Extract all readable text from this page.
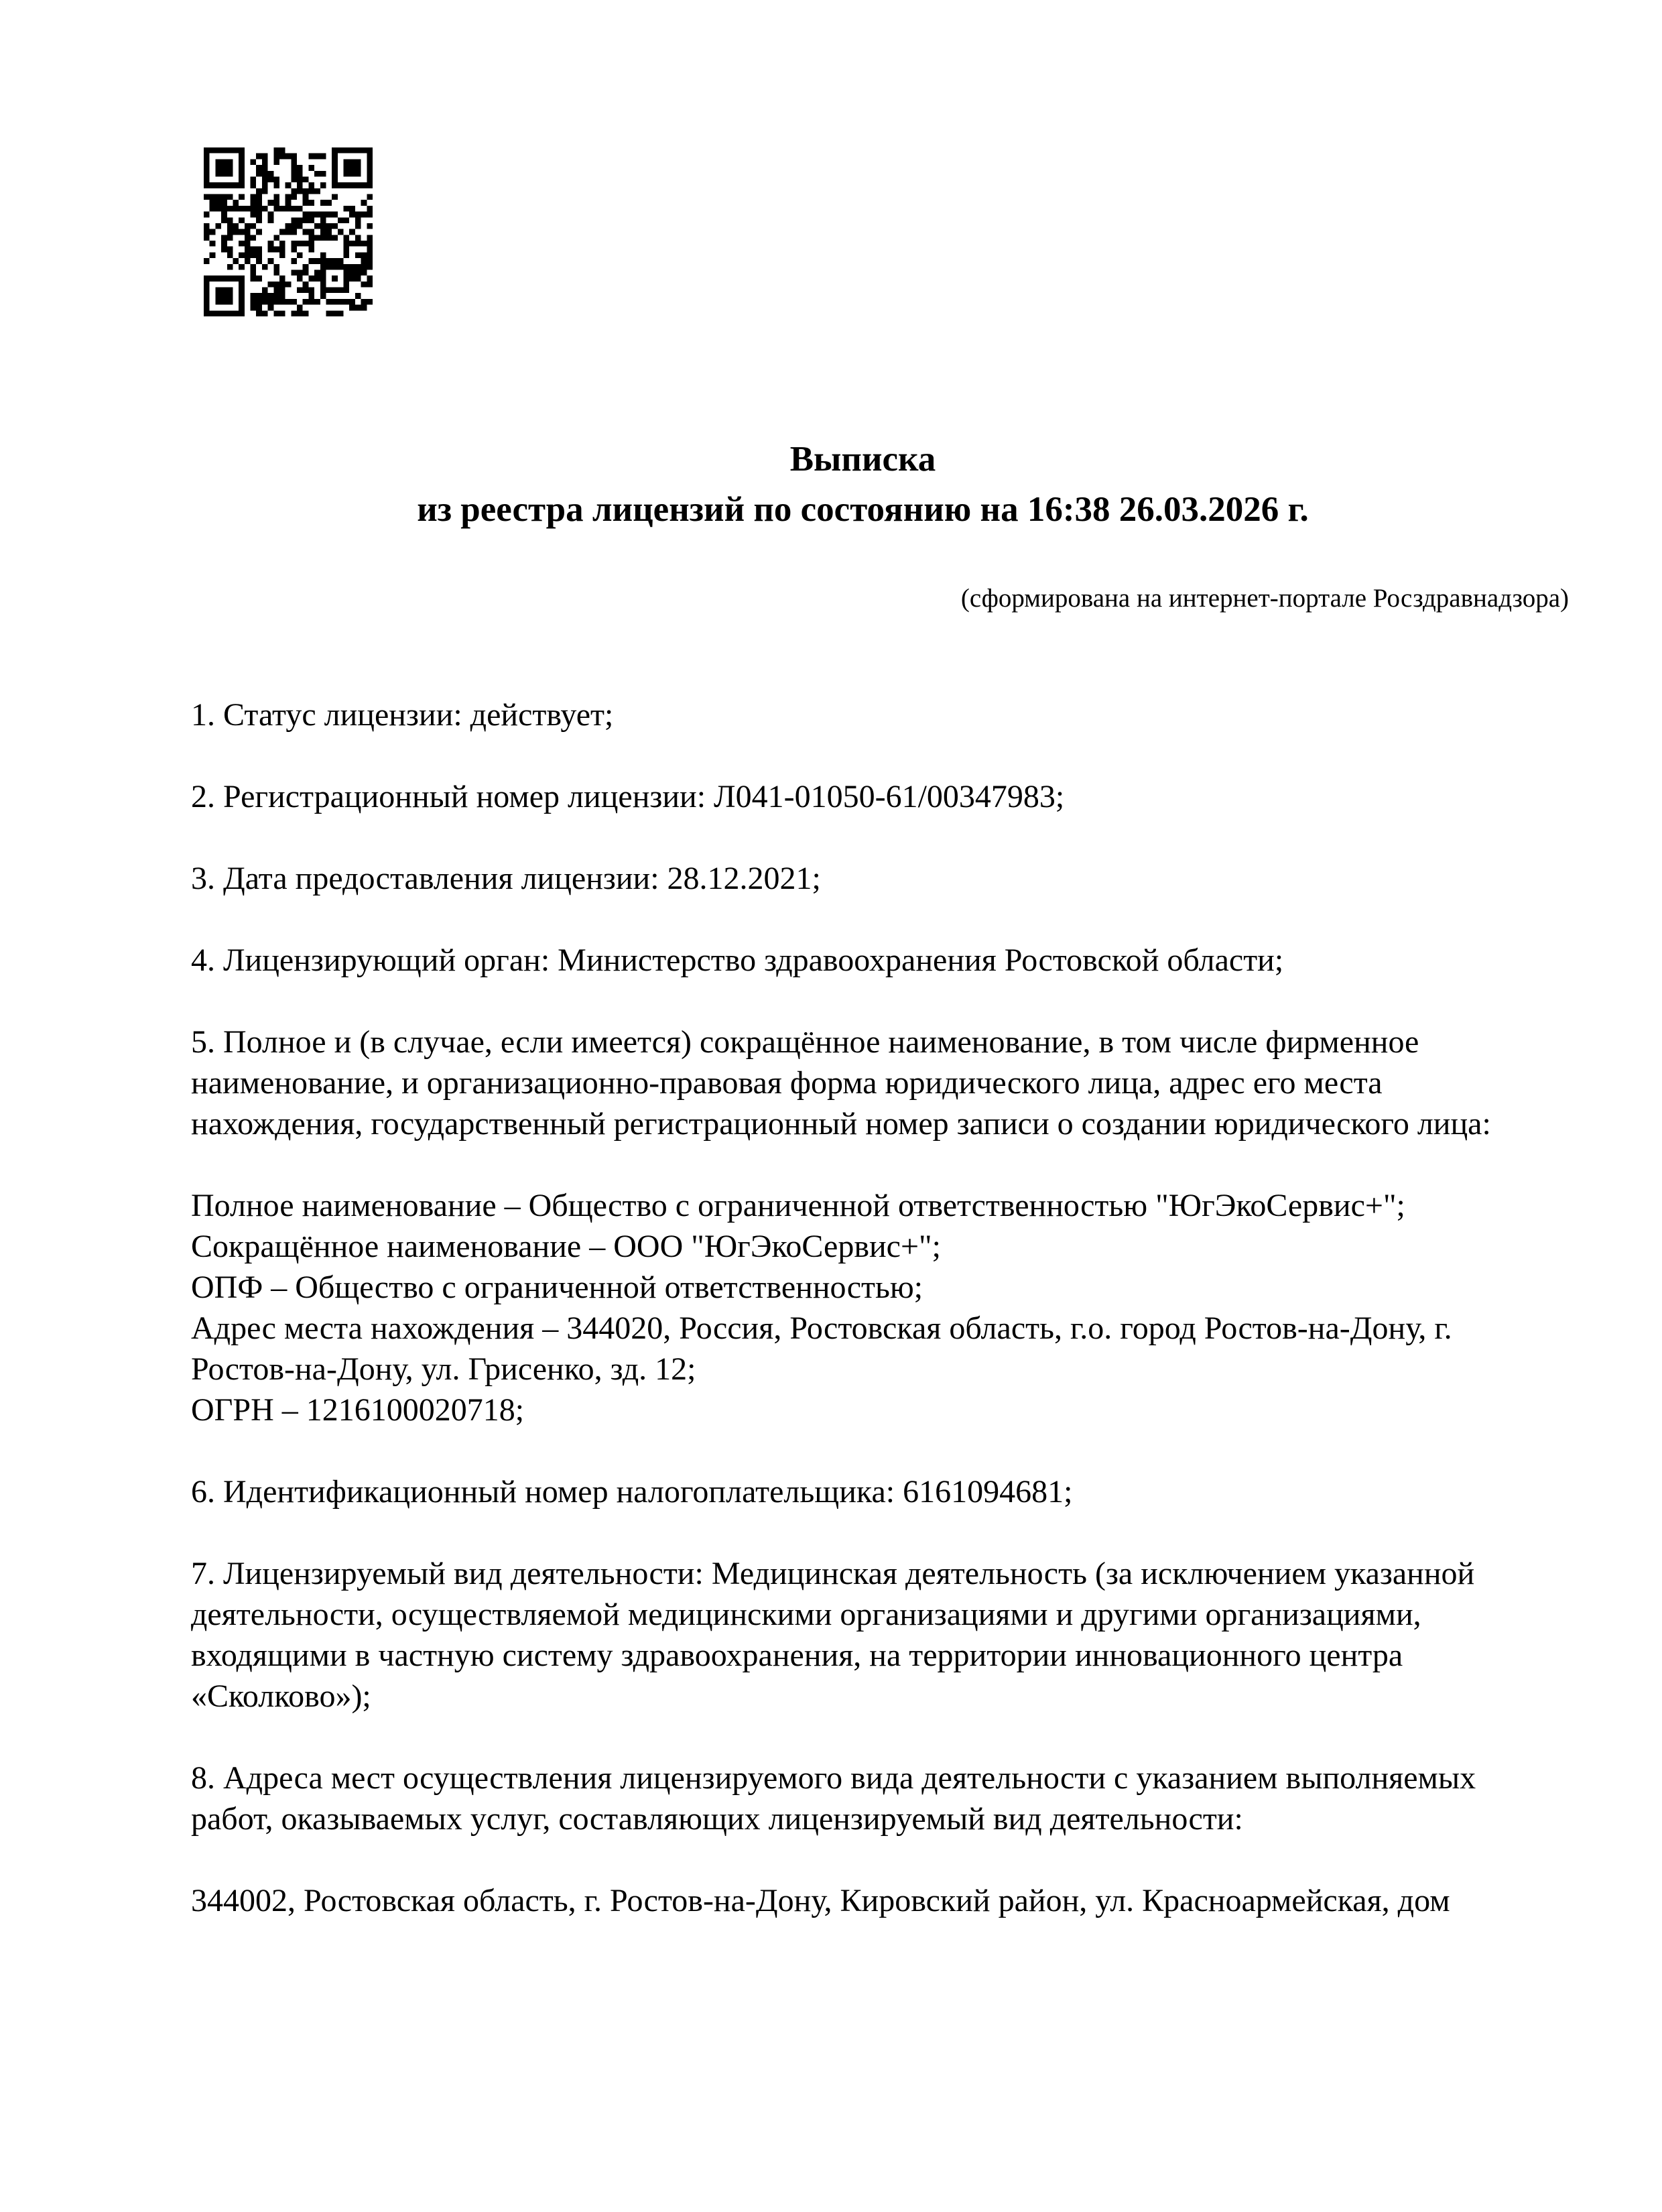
Выписка
из реестра лицензий по состоянию на 16:38 26.03.2026 г.
(сформирована на интернет-портале Росздравнадзора)

1. Статус лицензии: действует;

2. Регистрационный номер лицензии: Л041-01050-61/00347983;

3. Дата предоставления лицензии: 28.12.2021;

4. Лицензирующий орган: Министерство здравоохранения Ростовской области;

5. Полное и (в случае, если имеется) сокращённое наименование, в том числе фирменное наименование, и организационно-правовая форма юридического лица, адрес его места нахождения, государственный регистрационный номер записи о создании юридического лица:

Полное наименование – Общество с ограниченной ответственностью "ЮгЭкоСервис+";
Сокращённое наименование – ООО "ЮгЭкоСервис+";
ОПФ – Общество с ограниченной ответственностью;
Адрес места нахождения – 344020, Россия, Ростовская область, г.о. город Ростов-на-Дону, г. Ростов-на-Дону, ул. Грисенко, зд. 12;
ОГРН – 1216100020718;

6. Идентификационный номер налогоплательщика: 6161094681;

7. Лицензируемый вид деятельности: Медицинская деятельность (за исключением указанной деятельности, осуществляемой медицинскими организациями и другими организациями, входящими в частную систему здравоохранения, на территории инновационного центра «Сколково»);

8. Адреса мест осуществления лицензируемого вида деятельности с указанием выполняемых работ, оказываемых услуг, составляющих лицензируемый вид деятельности:

344002, Ростовская область, г. Ростов-на-Дону, Кировский район, ул. Красноармейская, дом
